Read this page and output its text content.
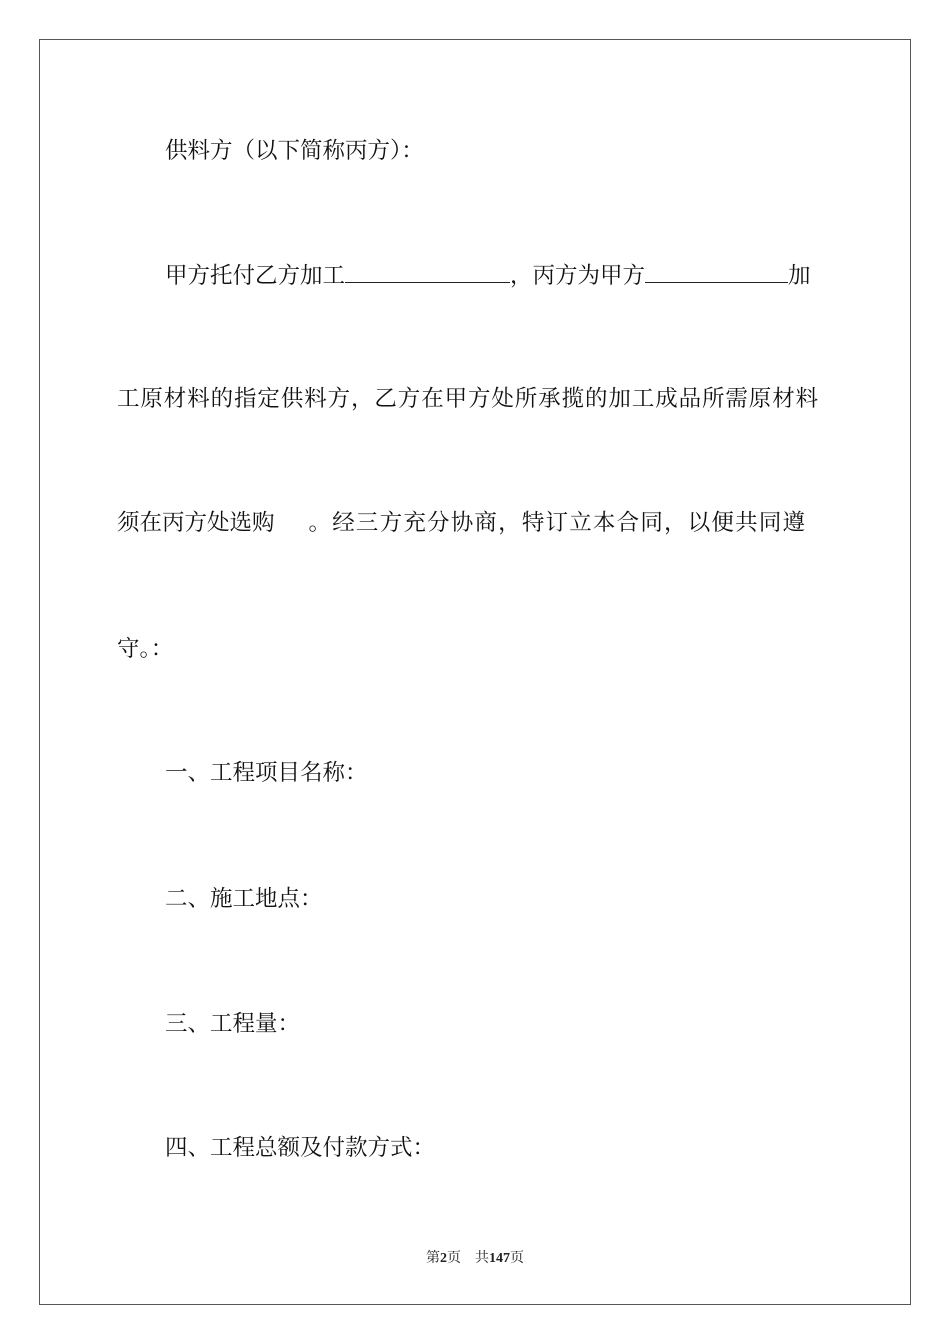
供料方（以下简称丙方）：
甲方托付乙方加工	，丙方为甲方	加
工原材料的指定供料方，乙方在甲方处所承揽的加工成品所需原材料
须在丙方处选购 。经三方充分协商，特订立本合同，以便共同遵
守。：
一、工程项目名称：
二、施工地点：
三、工程量：
四、工程总额及付款方式：
第2页　共147页
